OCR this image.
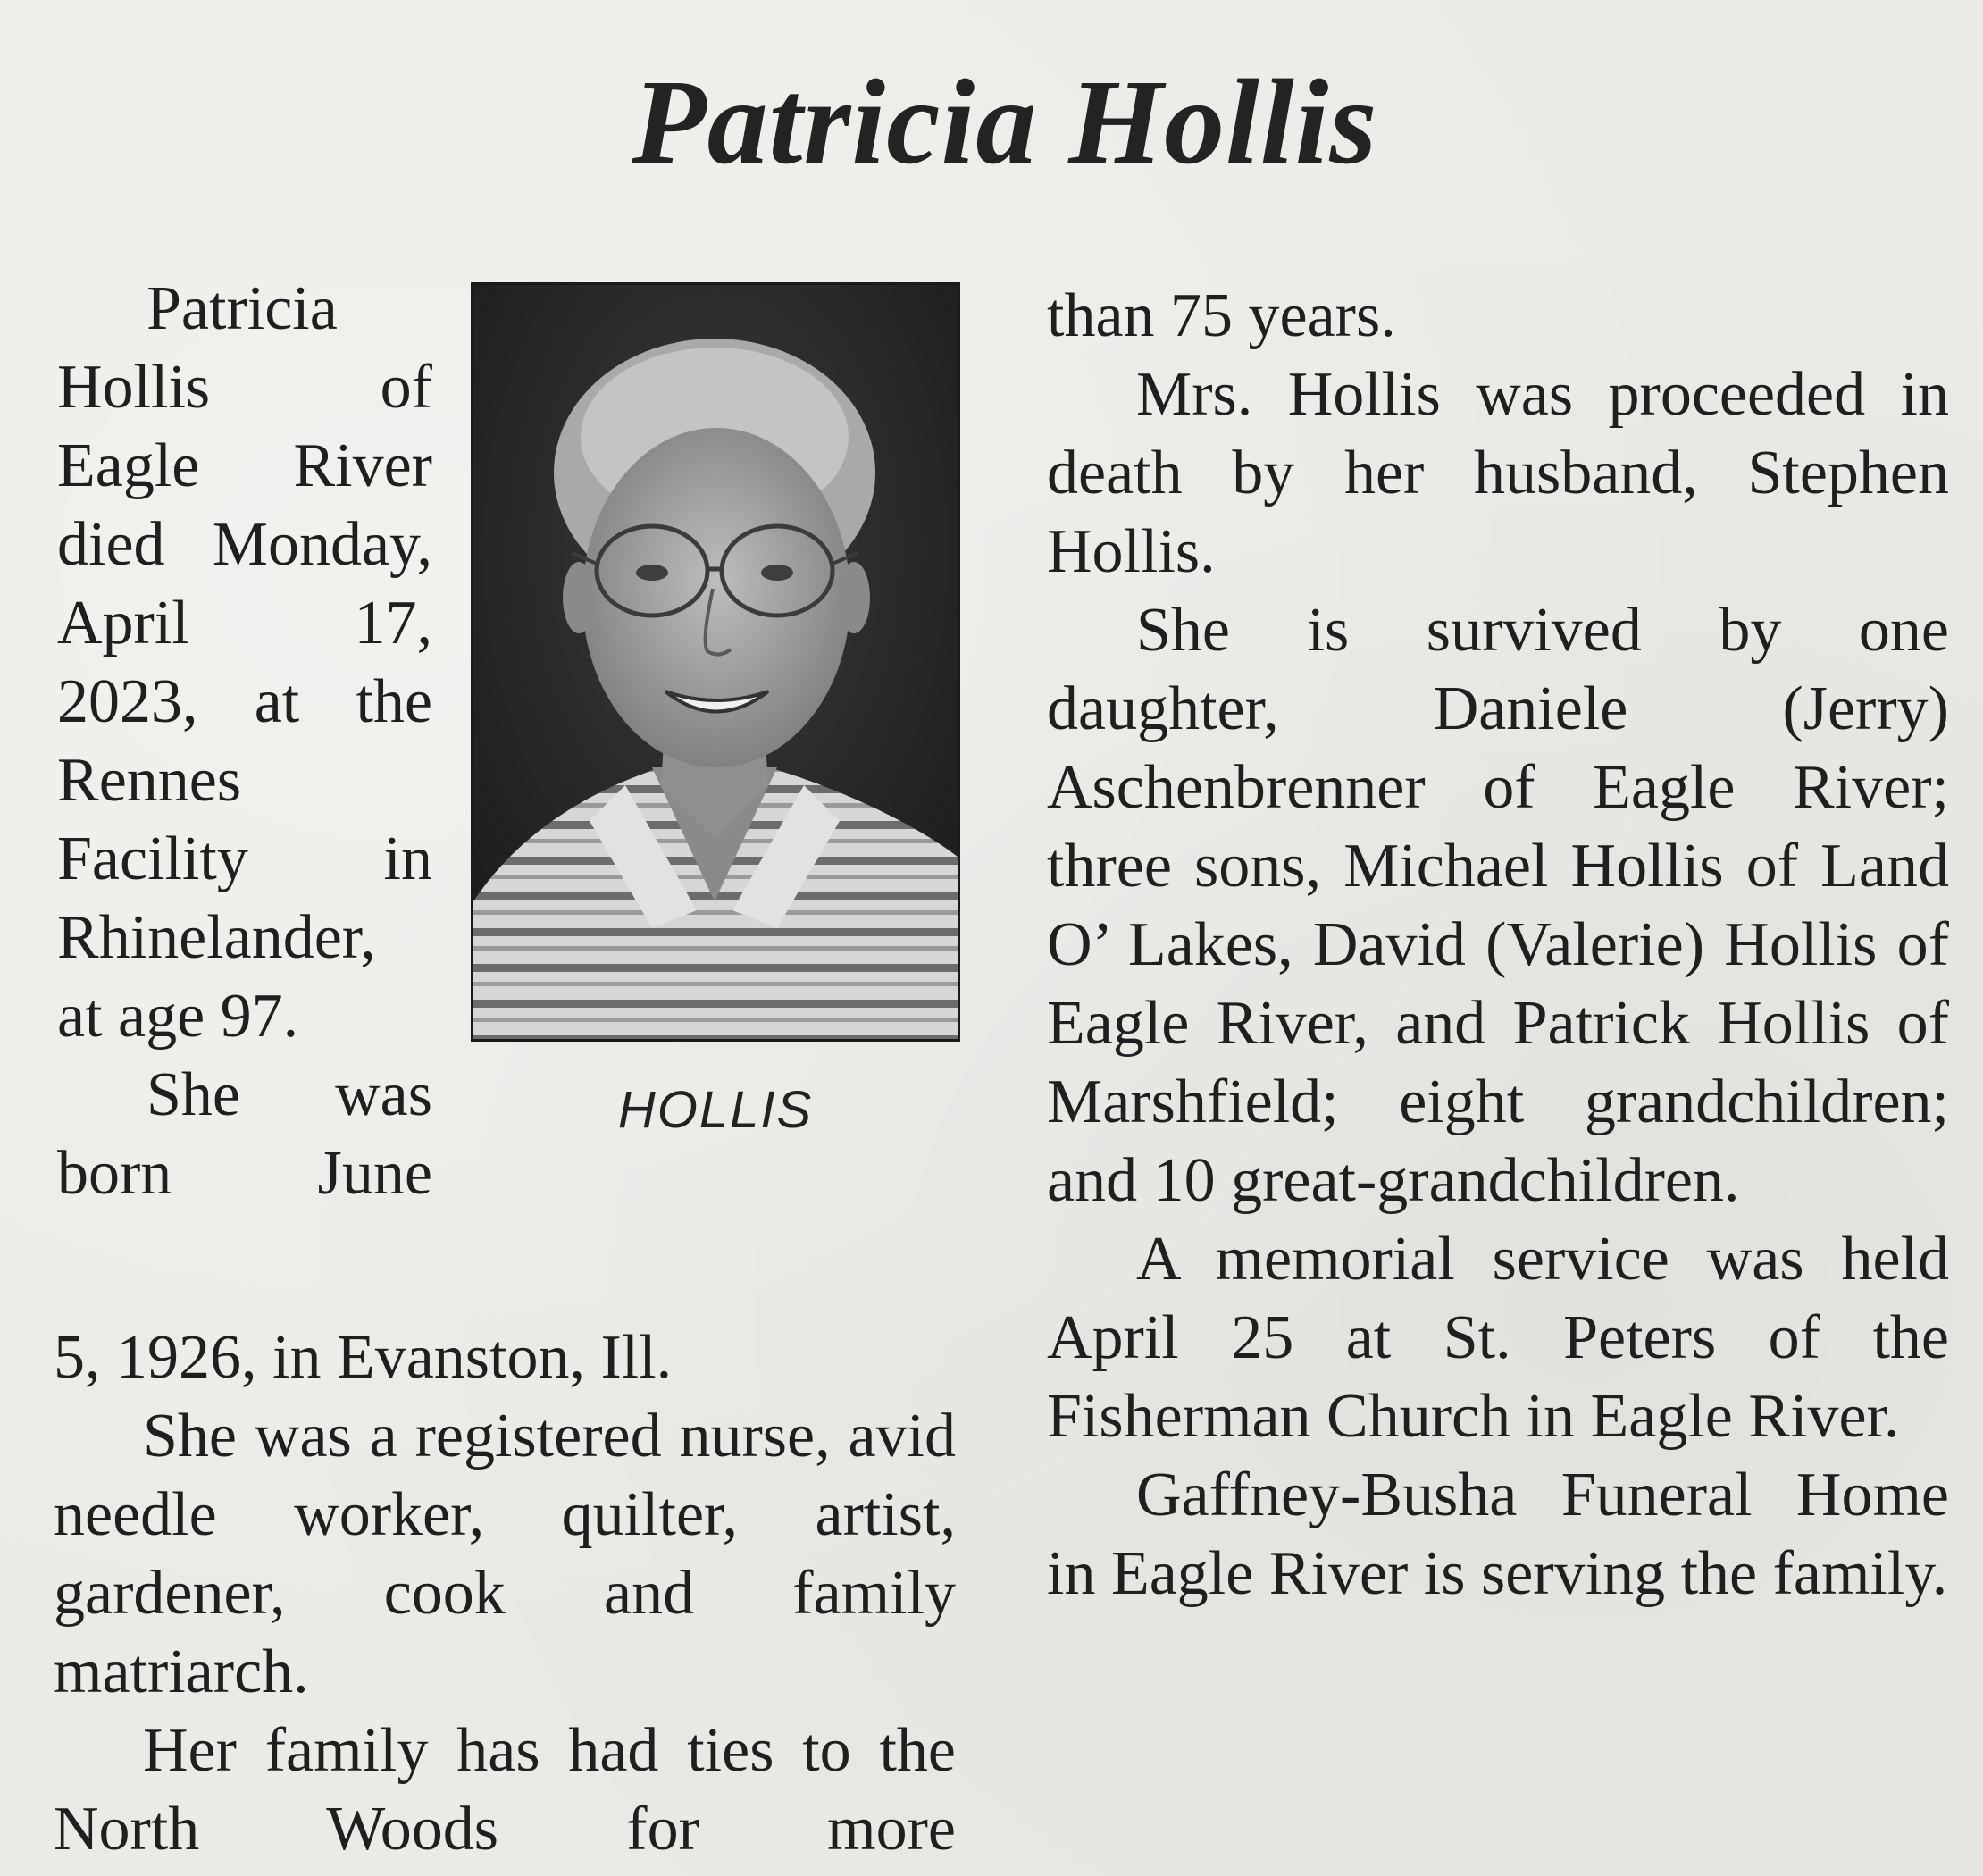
Patricia Hollis

Patricia Hollis of Eagle River died Monday, April 17, 2023, at the Rennes Facility in Rhinelander, at age 97.

She was born June

HOLLIS

5, 1926, in Evanston, Ill.

She was a registered nurse, avid needle worker, quilter, artist, gardener, cook and family matriarch.

Her family has had ties to the North Woods for more

than 75 years.

Mrs. Hollis was proceeded in death by her husband, Stephen Hollis.

She is survived by one daughter, Daniele (Jerry) Aschenbrenner of Eagle River; three sons, Michael Hollis of Land O’ Lakes, David (Valerie) Hollis of Eagle River, and Patrick Hollis of Marshfield; eight grandchildren; and 10 great-grandchildren.

A memorial service was held April 25 at St. Peters of the Fisherman Church in Eagle River.

Gaffney-Busha Funeral Home in Eagle River is serving the family.
